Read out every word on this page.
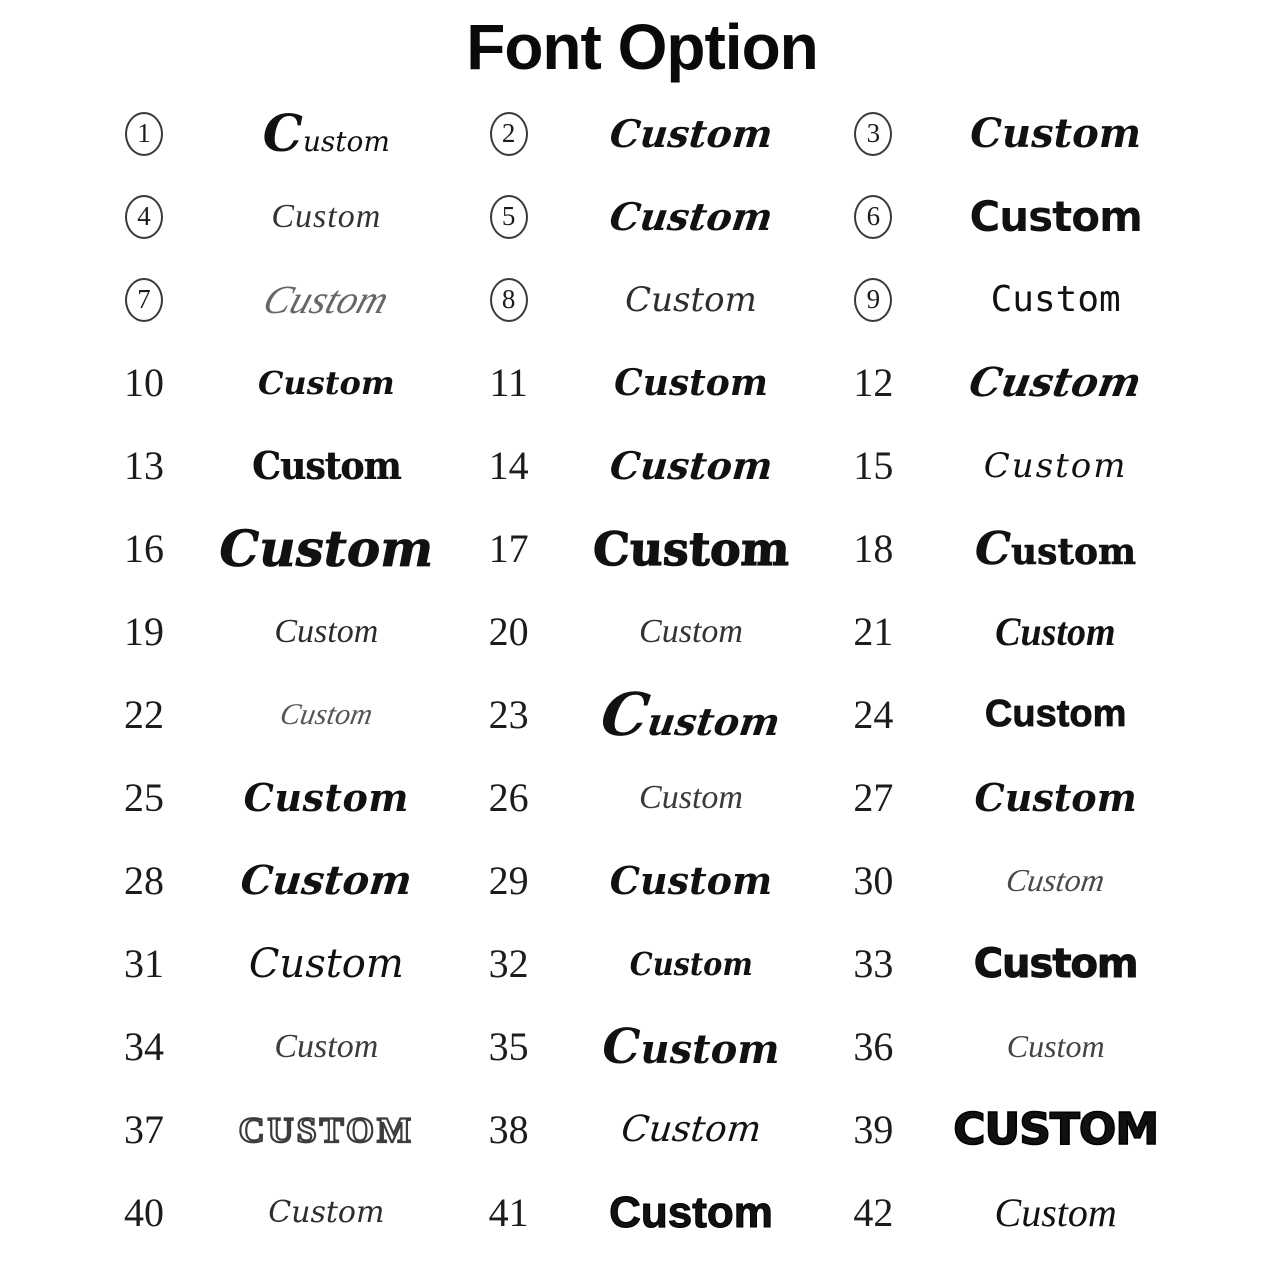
Font Option
1	Custom	2	Custom	3	Custom
4	Custom	5	Custom	6	Custom
7	Custom	8	Custom	9	Custom
10	Custom	11	Custom	12	Custom
13	Custom	14	Custom	15	Custom
16	Custom	17	Custom	18	Custom
19	Custom	20	Custom	21	Custom
22	Custom	23	Custom	24	Custom
25	Custom	26	Custom	27	Custom
28	Custom	29	Custom	30	Custom
31	Custom	32	Custom	33	Custom
34	Custom	35	Custom	36	Custom
37	CUSTOM	38	Custom	39	CUSTOM
40	Custom	41	Custom	42	Custom
